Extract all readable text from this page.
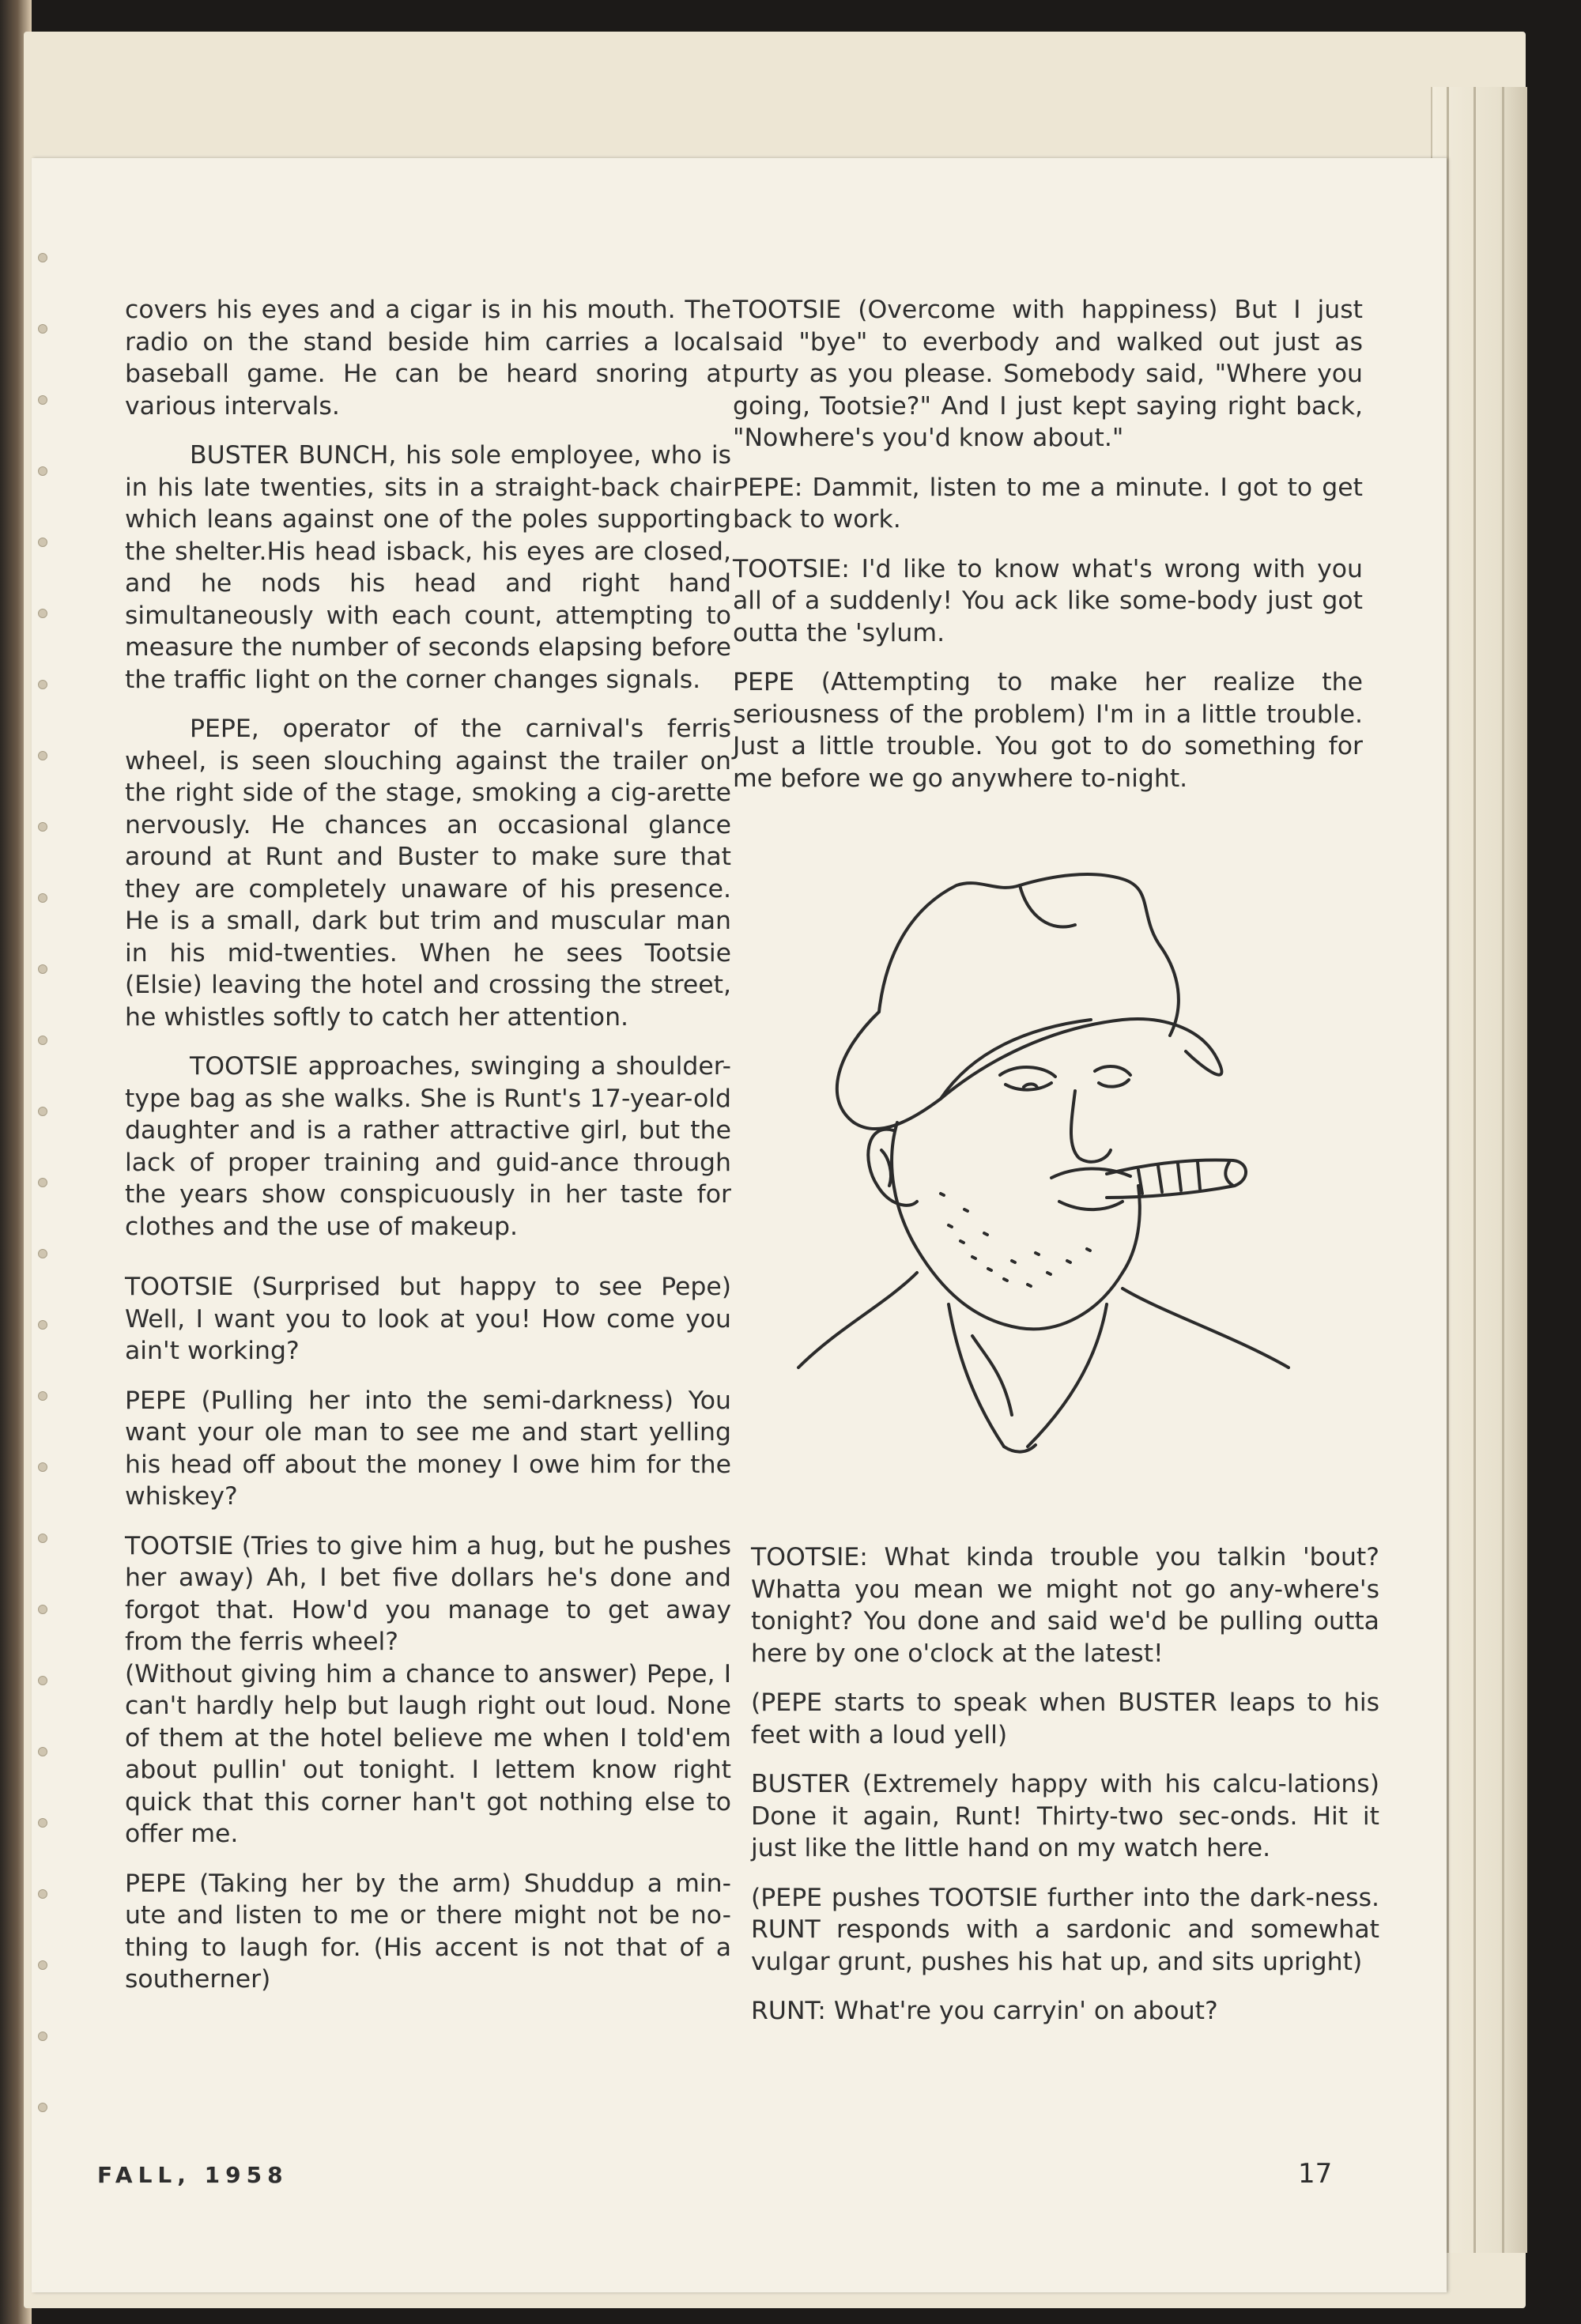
covers his eyes and a cigar is in his mouth. The radio on the stand beside him carries a local baseball game. He can be heard snoring at various intervals.

BUSTER BUNCH, his sole employee, who is in his late twenties, sits in a straight-back chair which leans against one of the poles supporting the shelter.His head isback, his eyes are closed, and he nods his head and right hand simultaneously with each count, attempting to measure the number of seconds elapsing before the traffic light on the corner changes signals.

PEPE, operator of the carnival's ferris wheel, is seen slouching against the trailer on the right side of the stage, smoking a cig-arette nervously. He chances an occasional glance around at Runt and Buster to make sure that they are completely unaware of his presence. He is a small, dark but trim and muscular man in his mid-twenties. When he sees Tootsie (Elsie) leaving the hotel and crossing the street, he whistles softly to catch her attention.

TOOTSIE approaches, swinging a shoulder-type bag as she walks. She is Runt's 17-year-old daughter and is a rather attractive girl, but the lack of proper training and guid-ance through the years show conspicuously in her taste for clothes and the use of makeup.

TOOTSIE (Surprised but happy to see Pepe) Well, I want you to look at you! How come you ain't working?

PEPE (Pulling her into the semi-darkness) You want your ole man to see me and start yelling his head off about the money I owe him for the whiskey?

TOOTSIE (Tries to give him a hug, but he pushes her away) Ah, I bet five dollars he's done and forgot that. How'd you manage to get away from the ferris wheel?

(Without giving him a chance to answer) Pepe, I can't hardly help but laugh right out loud. None of them at the hotel believe me when I told'em about pullin' out tonight. I lettem know right quick that this corner han't got nothing else to offer me.

PEPE (Taking her by the arm) Shuddup a min-ute and listen to me or there might not be no-thing to laugh for. (His accent is not that of a southerner)

TOOTSIE (Overcome with happiness) But I just said "bye" to everbody and walked out just as purty as you please. Somebody said, "Where you going, Tootsie?" And I just kept saying right back, "Nowhere's you'd know about."

PEPE: Dammit, listen to me a minute. I got to get back to work.

TOOTSIE: I'd like to know what's wrong with you all of a suddenly! You ack like some-body just got outta the 'sylum.

PEPE (Attempting to make her realize the seriousness of the problem) I'm in a little trouble. Just a little trouble. You got to do something for me before we go anywhere to-night.

TOOTSIE: What kinda trouble you talkin 'bout? Whatta you mean we might not go any-where's tonight? You done and said we'd be pulling outta here by one o'clock at the latest!

(PEPE starts to speak when BUSTER leaps to his feet with a loud yell)

BUSTER (Extremely happy with his calcu-lations) Done it again, Runt! Thirty-two sec-onds. Hit it just like the little hand on my watch here.

(PEPE pushes TOOTSIE further into the dark-ness. RUNT responds with a sardonic and somewhat vulgar grunt, pushes his hat up, and sits upright)

RUNT: What're you carryin' on about?

FALL, 1958	17
